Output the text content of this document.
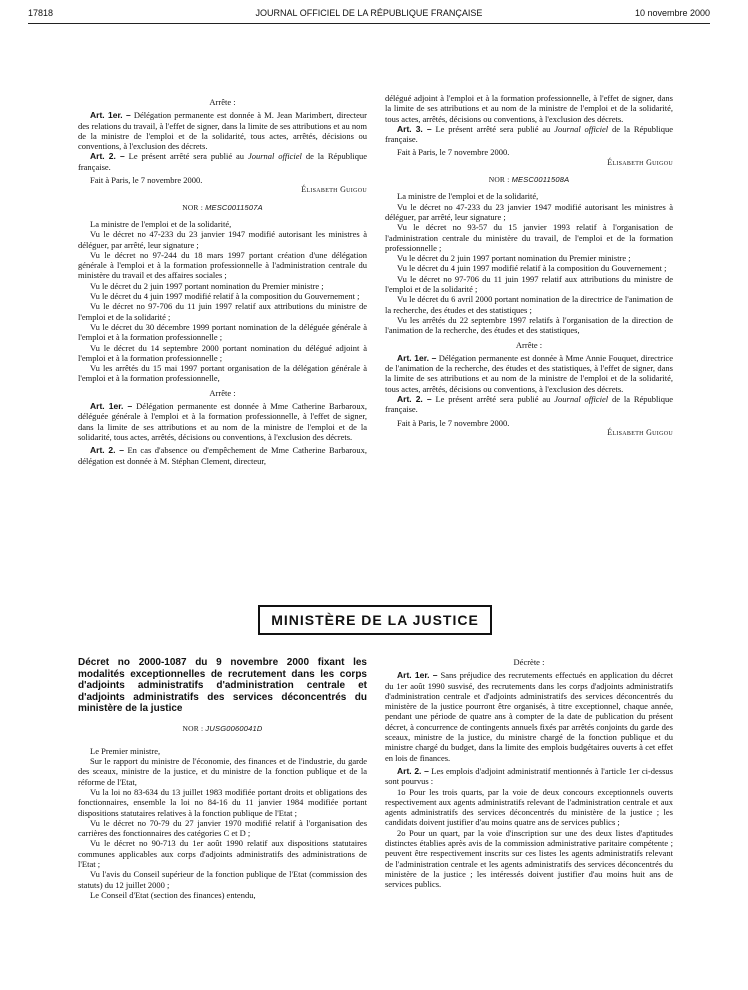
17818	JOURNAL OFFICIEL DE LA RÉPUBLIQUE FRANÇAISE	10 novembre 2000

Arrête :

Art. 1er. – Délégation permanente est donnée à M. Jean Marimbert, directeur des relations du travail, à l'effet de signer, dans la limite de ses attributions et au nom de la ministre de l'emploi et de la solidarité, tous actes, arrêtés, décisions ou conventions, à l'exclusion des décrets.

Art. 2. – Le présent arrêté sera publié au Journal officiel de la République française.

Fait à Paris, le 7 novembre 2000.

Élisabeth Guigou

NOR : MESC0011507A

La ministre de l'emploi et de la solidarité,

Vu le décret no 47-233 du 23 janvier 1947 modifié autorisant les ministres à déléguer, par arrêté, leur signature ;

Vu le décret no 97-244 du 18 mars 1997 portant création d'une délégation générale à l'emploi et à la formation professionnelle à l'administration centrale du ministère du travail et des affaires sociales ;

Vu le décret du 2 juin 1997 portant nomination du Premier ministre ;

Vu le décret du 4 juin 1997 modifié relatif à la composition du Gouvernement ;

Vu le décret no 97-706 du 11 juin 1997 relatif aux attributions du ministre de l'emploi et de la solidarité ;

Vu le décret du 30 décembre 1999 portant nomination de la déléguée générale à l'emploi et à la formation professionnelle ;

Vu le décret du 14 septembre 2000 portant nomination du délégué adjoint à l'emploi et à la formation professionnelle ;

Vu les arrêtés du 15 mai 1997 portant organisation de la délégation générale à l'emploi et à la formation professionnelle,

Arrête :

Art. 1er. – Délégation permanente est donnée à Mme Catherine Barbaroux, déléguée générale à l'emploi et à la formation professionnelle, à l'effet de signer, dans la limite de ses attributions et au nom de la ministre de l'emploi et de la solidarité, tous actes, arrêtés, décisions ou conventions, à l'exclusion des décrets.

Art. 2. – En cas d'absence ou d'empêchement de Mme Catherine Barbaroux, délégation est donnée à M. Stéphan Clement, directeur,

délégué adjoint à l'emploi et à la formation professionnelle, à l'effet de signer, dans la limite de ses attributions et au nom de la ministre de l'emploi et de la solidarité, tous actes, arrêtés, décisions ou conventions, à l'exclusion des décrets.

Art. 3. – Le présent arrêté sera publié au Journal officiel de la République française.

Fait à Paris, le 7 novembre 2000.

Élisabeth Guigou

NOR : MESC0011508A

La ministre de l'emploi et de la solidarité,

Vu le décret no 47-233 du 23 janvier 1947 modifié autorisant les ministres à déléguer, par arrêté, leur signature ;

Vu le décret no 93-57 du 15 janvier 1993 relatif à l'organisation de l'administration centrale du ministère du travail, de l'emploi et de la formation professionnelle ;

Vu le décret du 2 juin 1997 portant nomination du Premier ministre ;

Vu le décret du 4 juin 1997 modifié relatif à la composition du Gouvernement ;

Vu le décret no 97-706 du 11 juin 1997 relatif aux attributions du ministre de l'emploi et de la solidarité ;

Vu le décret du 6 avril 2000 portant nomination de la directrice de l'animation de la recherche, des études et des statistiques ;

Vu les arrêtés du 22 septembre 1997 relatifs à l'organisation de la direction de l'animation de la recherche, des études et des statistiques,

Arrête :

Art. 1er. – Délégation permanente est donnée à Mme Annie Fouquet, directrice de l'animation de la recherche, des études et des statistiques, à l'effet de signer, dans la limite de ses attributions et au nom de la ministre de l'emploi et de la solidarité, tous actes, arrêtés, décisions ou conventions, à l'exclusion des décrets.

Art. 2. – Le présent arrêté sera publié au Journal officiel de la République française.

Fait à Paris, le 7 novembre 2000.

Élisabeth Guigou

MINISTÈRE DE LA JUSTICE

Décret no 2000-1087 du 9 novembre 2000 fixant les modalités exceptionnelles de recrutement dans les corps d'adjoints administratifs d'administration centrale et d'adjoints administratifs des services déconcentrés du ministère de la justice

NOR : JUSG0060041D

Le Premier ministre,

Sur le rapport du ministre de l'économie, des finances et de l'industrie, du garde des sceaux, ministre de la justice, et du ministre de la fonction publique et de la réforme de l'Etat,

Vu la loi no 83-634 du 13 juillet 1983 modifiée portant droits et obligations des fonctionnaires, ensemble la loi no 84-16 du 11 janvier 1984 modifiée portant dispositions statutaires relatives à la fonction publique de l'Etat ;

Vu le décret no 70-79 du 27 janvier 1970 modifié relatif à l'organisation des carrières des fonctionnaires des catégories C et D ;

Vu le décret no 90-713 du 1er août 1990 relatif aux dispositions statutaires communes applicables aux corps d'adjoints administratifs des administrations de l'Etat ;

Vu l'avis du Conseil supérieur de la fonction publique de l'Etat (commission des statuts) du 12 juillet 2000 ;

Le Conseil d'Etat (section des finances) entendu,

Décrète :

Art. 1er. – Sans préjudice des recrutements effectués en application du décret du 1er août 1990 susvisé, des recrutements dans les corps d'adjoints administratifs d'administration centrale et d'adjoints administratifs des services déconcentrés du ministère de la justice pourront être organisés, à titre exceptionnel, chaque année, pendant une période de quatre ans à compter de la date de publication du présent décret, à concurrence de contingents annuels fixés par arrêtés conjoints du garde des sceaux, ministre de la justice, du ministre chargé de la fonction publique et du ministre chargé du budget, dans la limite des emplois budgétaires ouverts à cet effet en lois de finances.

Art. 2. – Les emplois d'adjoint administratif mentionnés à l'article 1er ci-dessus sont pourvus :

1o Pour les trois quarts, par la voie de deux concours exceptionnels ouverts respectivement aux agents administratifs relevant de l'administration centrale et aux agents administratifs des services déconcentrés du ministère de la justice ; les candidats doivent justifier d'au moins quatre ans de services publics ;

2o Pour un quart, par la voie d'inscription sur une des deux listes d'aptitudes distinctes établies après avis de la commission administrative paritaire compétente ; peuvent être respectivement inscrits sur ces listes les agents administratifs relevant de l'administration centrale et les agents administratifs des services déconcentrés du ministère de la justice ; les intéressés doivent justifier d'au moins huit ans de services publics.
